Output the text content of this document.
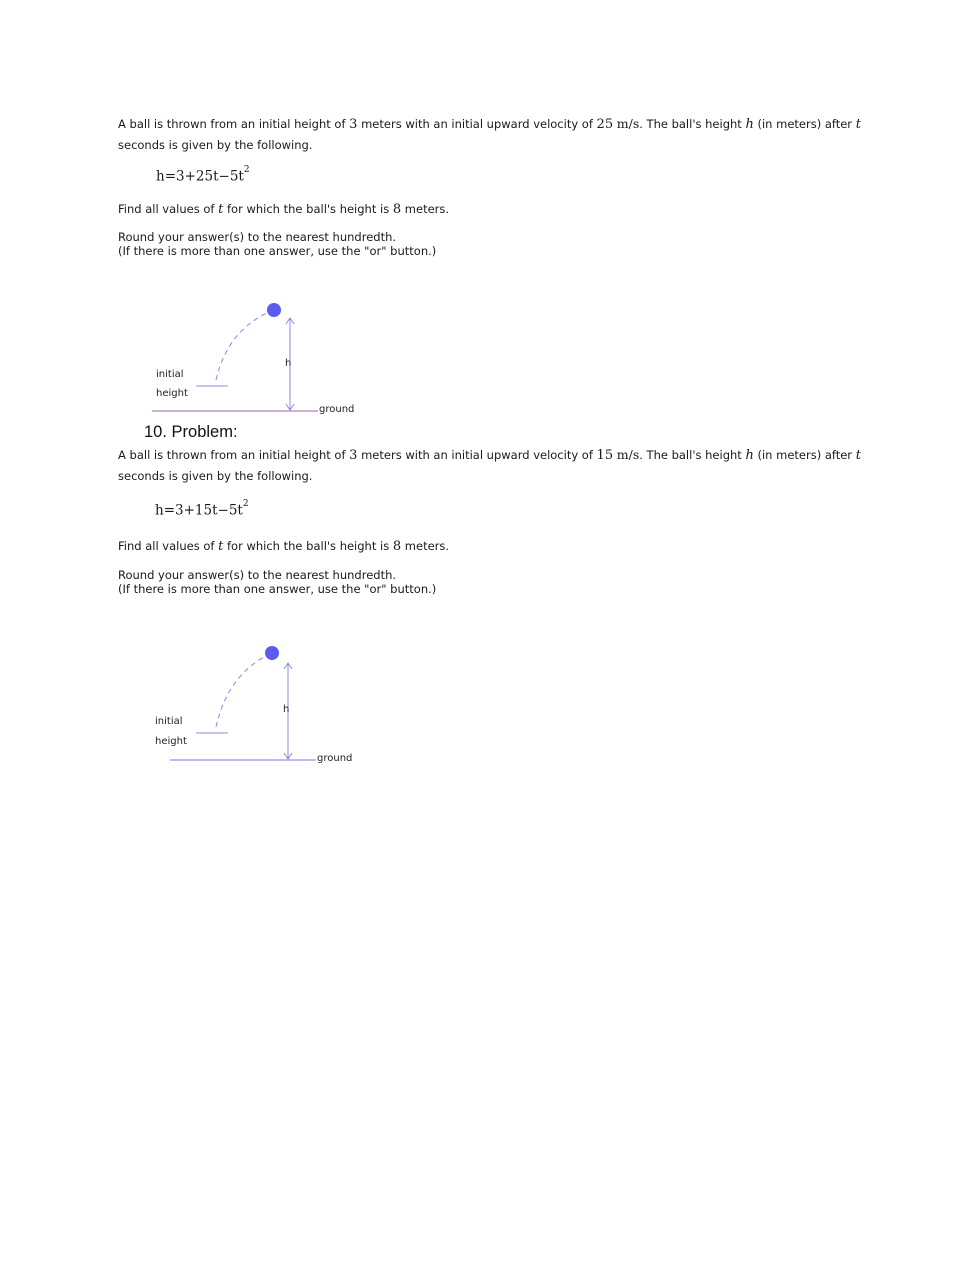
A ball is thrown from an initial height of 3 meters with an initial upward velocity of 25 m/s. The ball's height h (in meters) after t seconds is given by the following.

$h=3+25t-5t^2$

Find all values of t for which the ball's height is 8 meters.

Round your answer(s) to the nearest hundredth.

(If there is more than one answer, use the "or" button.)

initial
height
h
ground
10. Problem:

A ball is thrown from an initial height of 3 meters with an initial upward velocity of 15 m/s. The ball's height h (in meters) after t seconds is given by the following.

$h=3+15t-5t^2$

Find all values of t for which the ball's height is 8 meters.

Round your answer(s) to the nearest hundredth.

(If there is more than one answer, use the "or" button.)

initial
height
h
ground
